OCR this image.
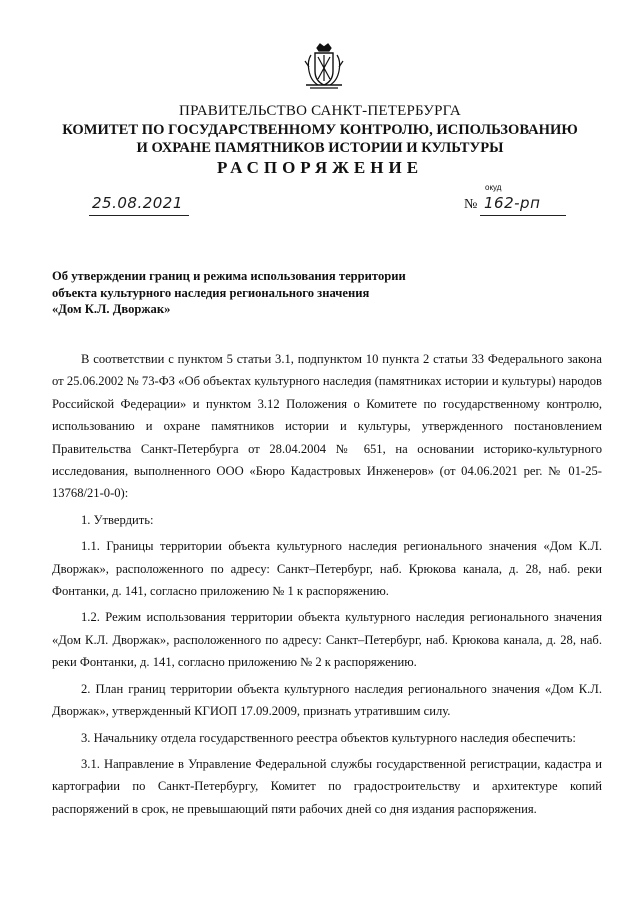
ПРАВИТЕЛЬСТВО САНКТ-ПЕТЕРБУРГА
КОМИТЕТ ПО ГОСУДАРСТВЕННОМУ КОНТРОЛЮ, ИСПОЛЬЗОВАНИЮ
И ОХРАНЕ ПАМЯТНИКОВ ИСТОРИИ И КУЛЬТУРЫ
РАСПОРЯЖЕНИЕ
25.08.2021
окуд
№ 162-рп
Об утверждении границ и режима использования территории
объекта культурного наследия регионального значения
«Дом К.Л. Дворжак»

В соответствии с пунктом 5 статьи 3.1, подпунктом 10 пункта 2 статьи 33 Федерального закона от 25.06.2002 № 73-ФЗ «Об объектах культурного наследия (памятниках истории и культуры) народов Российской Федерации» и пунктом 3.12 Положения о Комитете по государственному контролю, использованию и охране памятников истории и культуры, утвержденного постановлением Правительства Санкт-Петербурга от 28.04.2004 № 651, на основании историко-культурного исследования, выполненного ООО «Бюро Кадастровых Инженеров» (от 04.06.2021 рег. № 01-25-13768/21-0-0):

1. Утвердить:

1.1. Границы территории объекта культурного наследия регионального значения «Дом К.Л. Дворжак», расположенного по адресу: Санкт–Петербург, наб. Крюкова канала, д. 28, наб. реки Фонтанки, д. 141, согласно приложению № 1 к распоряжению.

1.2. Режим использования территории объекта культурного наследия регионального значения «Дом К.Л. Дворжак», расположенного по адресу: Санкт–Петербург, наб. Крюкова канала, д. 28, наб. реки Фонтанки, д. 141, согласно приложению № 2 к распоряжению.

2. План границ территории объекта культурного наследия регионального значения «Дом К.Л. Дворжак», утвержденный КГИОП 17.09.2009, признать утратившим силу.

3. Начальнику отдела государственного реестра объектов культурного наследия обеспечить:

3.1. Направление в Управление Федеральной службы государственной регистрации, кадастра и картографии по Санкт-Петербургу, Комитет по градостроительству и архитектуре копий распоряжений в срок, не превышающий пяти рабочих дней со дня издания распоряжения.
